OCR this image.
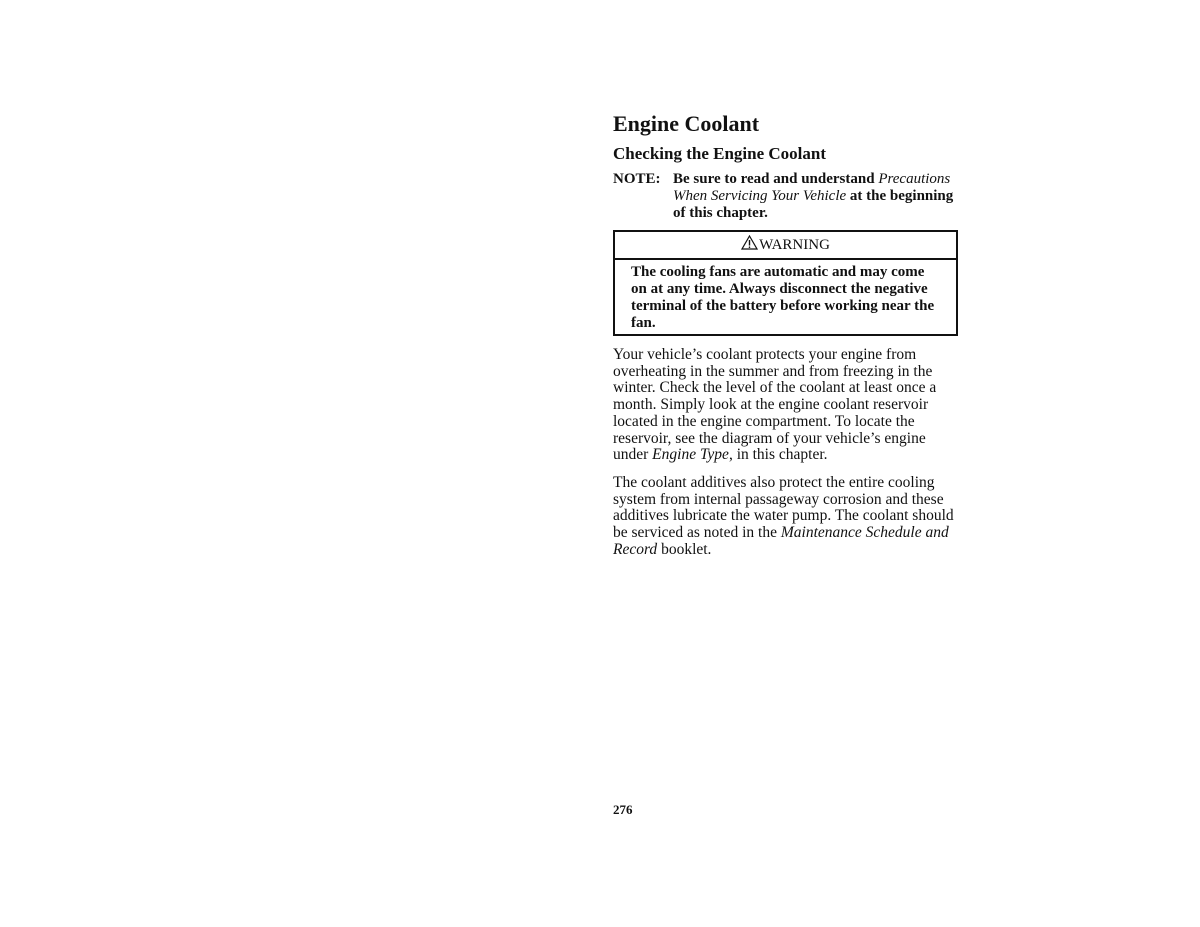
Engine Coolant
Checking the Engine Coolant
NOTE: Be sure to read and understand Precautions When Servicing Your Vehicle at the beginning of this chapter.
WARNING
The cooling fans are automatic and may come on at any time. Always disconnect the negative terminal of the battery before working near the fan.

Your vehicle’s coolant protects your engine from overheating in the summer and from freezing in the winter. Check the level of the coolant at least once a month. Simply look at the engine coolant reservoir located in the engine compartment. To locate the reservoir, see the diagram of your vehicle’s engine under Engine Type, in this chapter.

The coolant additives also protect the entire cooling system from internal passageway corrosion and these additives lubricate the water pump. The coolant should be serviced as noted in the Maintenance Schedule and Record booklet.

276
